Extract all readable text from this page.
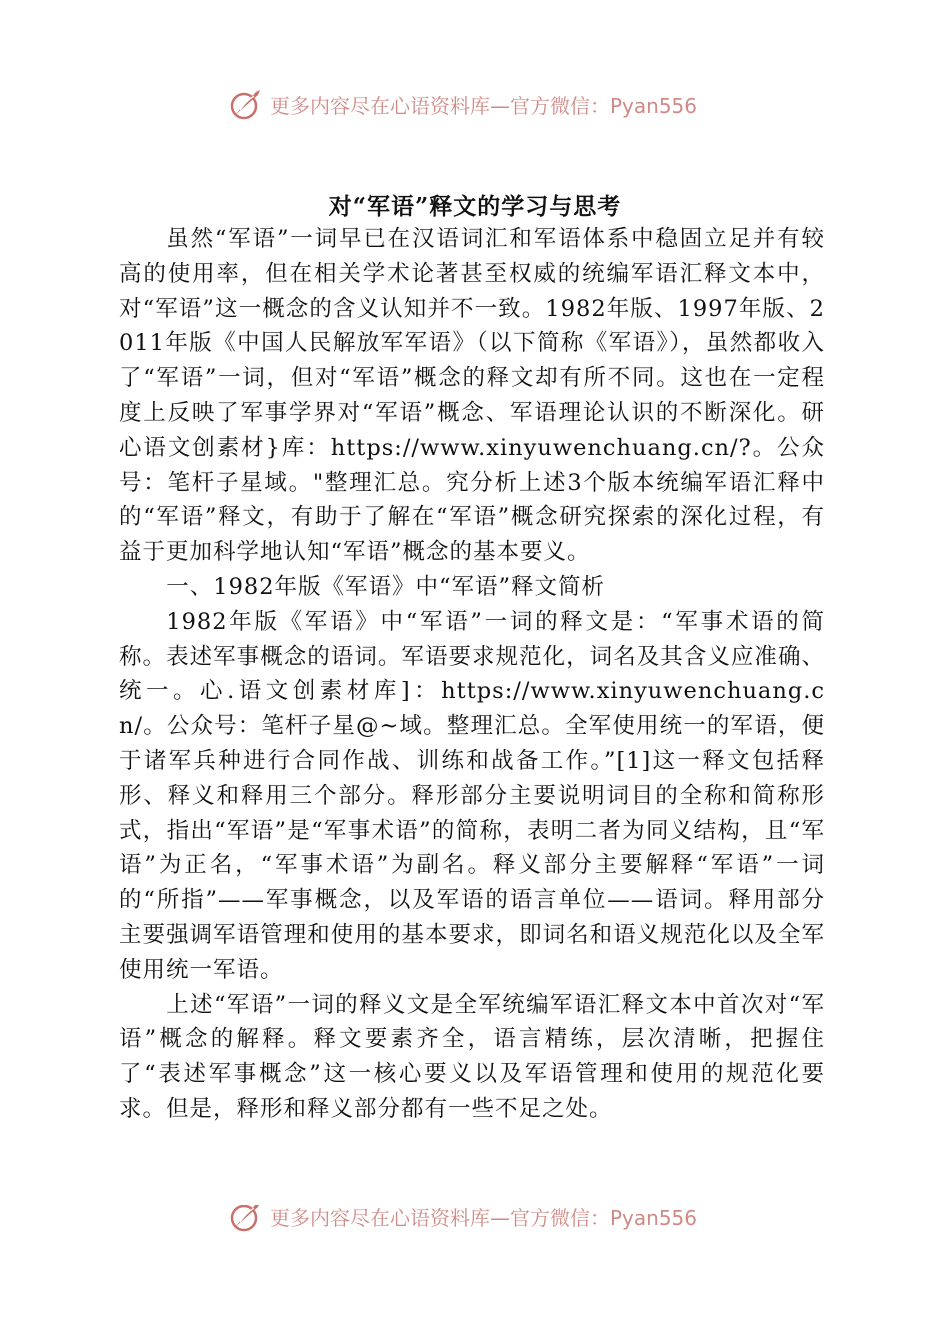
更多内容尽在心语资料库—官方微信：Pyan556
对“军语”释文的学习与思考

虽然“军语”一词早已在汉语词汇和军语体系中稳固立足并有较高的使用率，但在相关学术论著甚至权威的统编军语汇释文本中，对“军语”这一概念的含义认知并不一致。1982年版、1997年版、2011年版《中国人民解放军军语》（以下简称《军语》），虽然都收入了“军语”一词，但对“军语”概念的释文却有所不同。这也在一定程度上反映了军事学界对“军语”概念、军语理论认识的不断深化。研心语文创素材}库：https://www.xinyuwenchuang.cn/?。公众号：笔杆子星域。"整理汇总。究分析上述3个版本统编军语汇释中的“军语”释文，有助于了解在“军语”概念研究探索的深化过程，有益于更加科学地认知“军语”概念的基本要义。

一、1982年版《军语》中“军语”释文简析

1982年版《军语》中“军语”一词的释文是：“军事术语的简称。表述军事概念的语词。军语要求规范化，词名及其含义应准确、统一。心.语文创素材库]：https://www.xinyuwenchuang.cn/。公众号：笔杆子星@~域。整理汇总。全军使用统一的军语，便于诸军兵种进行合同作战、训练和战备工作。”[1]这一释文包括释形、释义和释用三个部分。释形部分主要说明词目的全称和简称形式，指出“军语”是“军事术语”的简称，表明二者为同义结构，且“军语”为正名，“军事术语”为副名。释义部分主要解释“军语”一词的“所指”——军事概念，以及军语的语言单位——语词。释用部分主要强调军语管理和使用的基本要求，即词名和语义规范化以及全军使用统一军语。

上述“军语”一词的释义文是全军统编军语汇释文本中首次对“军语”概念的解释。释文要素齐全，语言精练，层次清晰，把握住了“表述军事概念”这一核心要义以及军语管理和使用的规范化要求。但是，释形和释义部分都有一些不足之处。

更多内容尽在心语资料库—官方微信：Pyan556
